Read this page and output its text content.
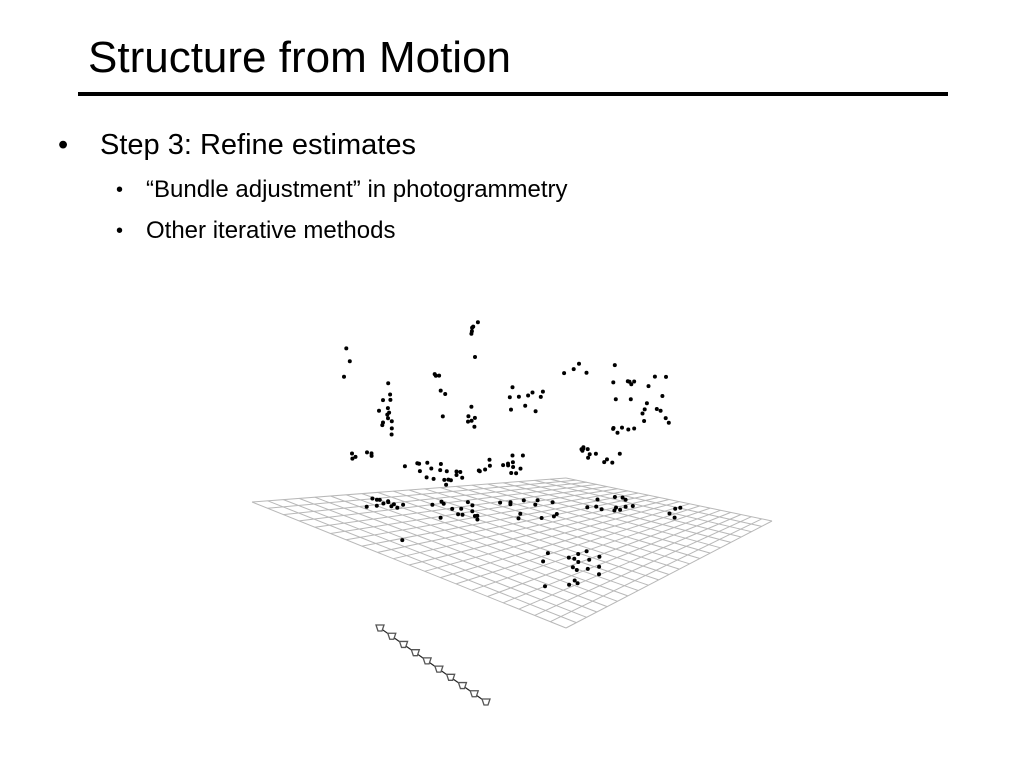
Structure from Motion
• Step 3: Refine estimates
• “Bundle adjustment” in photogrammetry
• Other iterative methods
